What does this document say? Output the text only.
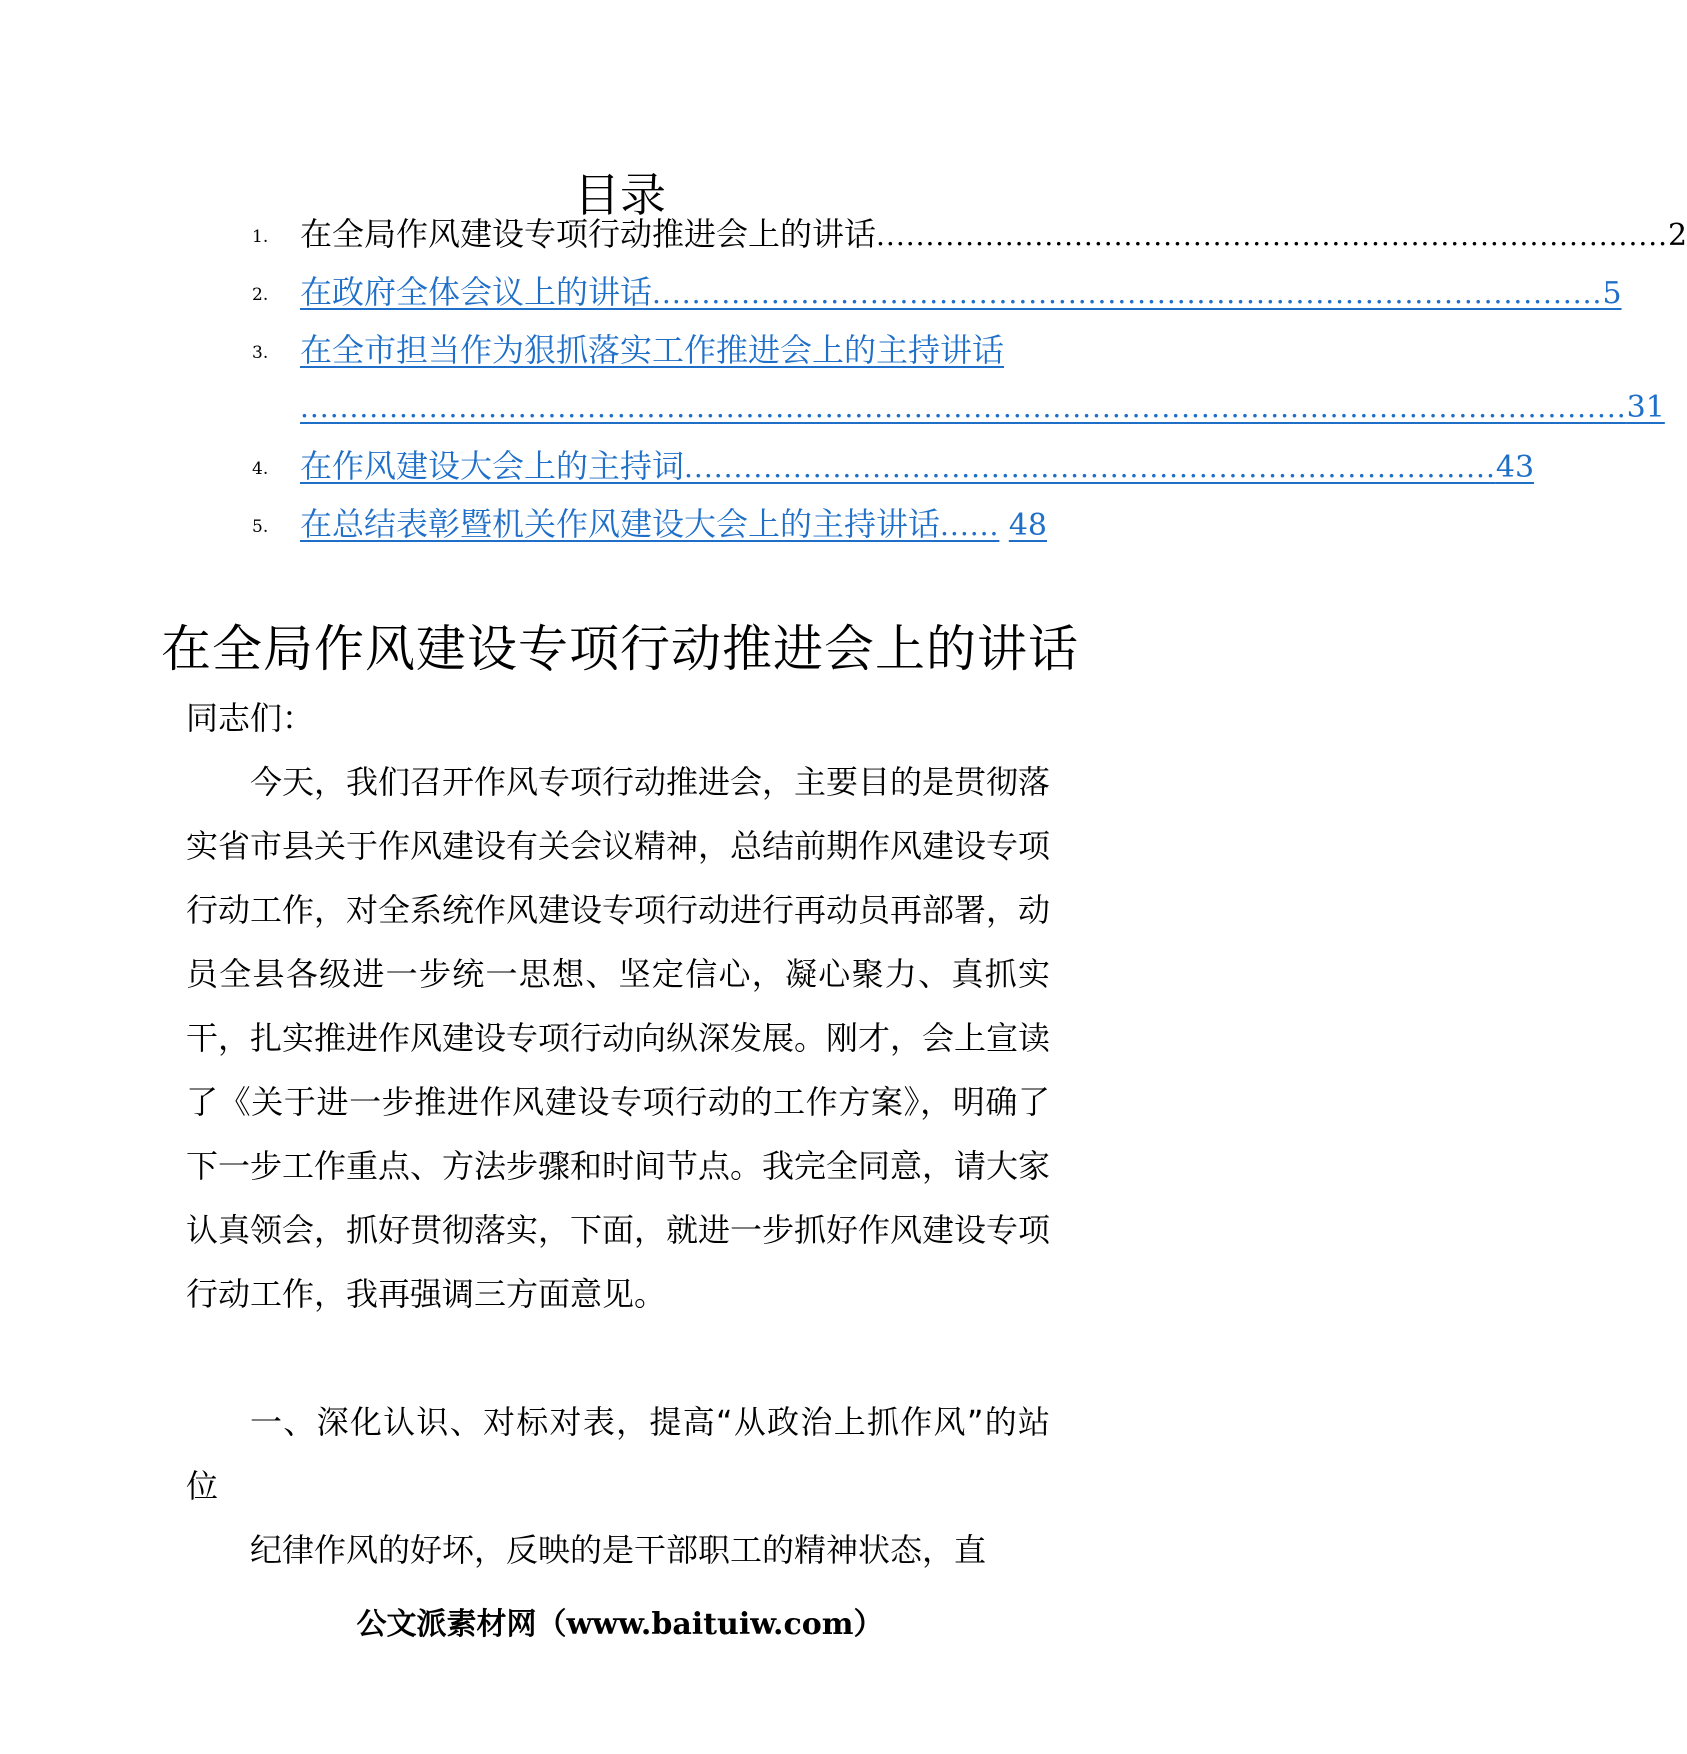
目录
1. 在全局作风建设专项行动推进会上的讲话 ................................................................................ 2
2. 在政府全体会议上的讲话 ................................................................................................ 5
3. 在全市担当作为狠抓落实工作推进会上的主持讲话
...................................................................................................................................... 31
4. 在作风建设大会上的主持词 .................................................................................. 43
5. 在总结表彰暨机关作风建设大会上的主持讲话 ...... 48
在全局作风建设专项行动推进会上的讲话
同志们：
今天，我们召开作风专项行动推进会，主要目的是贯彻落实省市县关于作风建设有关会议精神，总结前期作风建设专项行动工作，对全系统作风建设专项行动进行再动员再部署，动员全县各级进一步统一思想、坚定信心，凝心聚力、真抓实干，扎实推进作风建设专项行动向纵深发展。刚才，会上宣读了《关于进一步推进作风建设专项行动的工作方案》，明确了下一步工作重点、方法步骤和时间节点。我完全同意，请大家认真领会，抓好贯彻落实，下面，就进一步抓好作风建设专项行动工作，我再强调三方面意见。
一、深化认识、对标对表，提高“从政治上抓作风”的站位
纪律作风的好坏，反映的是干部职工的精神状态，直
公文派素材网（www.baituiw.com）
